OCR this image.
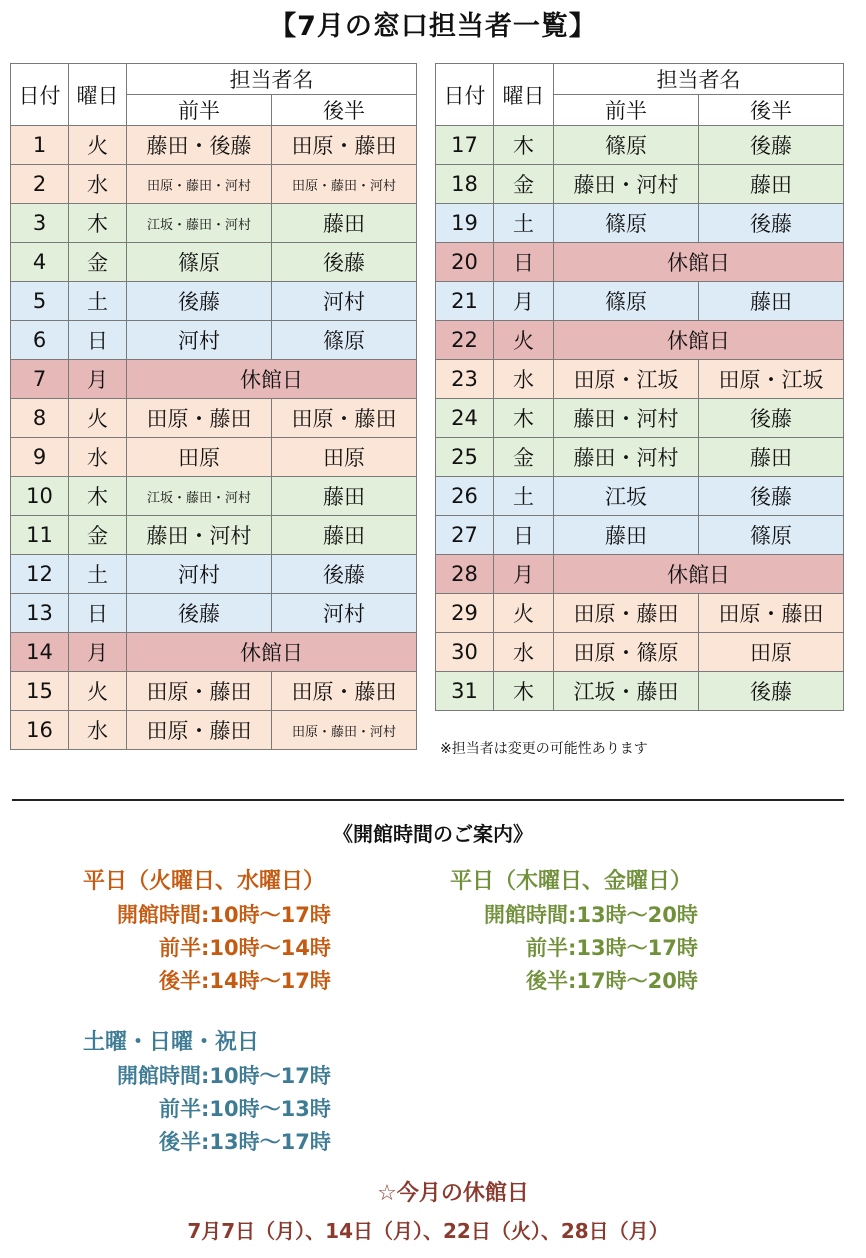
【7月の窓口担当者一覧】
日付	曜日	担当者名	
		前半	後半
1	火	藤田・後藤	田原・藤田
2	水	田原・藤田・河村	田原・藤田・河村
3	木	江坂・藤田・河村	藤田
4	金	篠原	後藤
5	土	後藤	河村
6	日	河村	篠原
7	月	休館日	
8	火	田原・藤田	田原・藤田
9	水	田原	田原
10	木	江坂・藤田・河村	藤田
11	金	藤田・河村	藤田
12	土	河村	後藤
13	日	後藤	河村
14	月	休館日	
15	火	田原・藤田	田原・藤田
16	水	田原・藤田	田原・藤田・河村
日付	曜日	担当者名	
		前半	後半
17	木	篠原	後藤
18	金	藤田・河村	藤田
19	土	篠原	後藤
20	日	休館日	
21	月	篠原	藤田
22	火	休館日	
23	水	田原・江坂	田原・江坂
24	木	藤田・河村	後藤
25	金	藤田・河村	藤田
26	土	江坂	後藤
27	日	藤田	篠原
28	月	休館日	
29	火	田原・藤田	田原・藤田
30	水	田原・篠原	田原
31	木	江坂・藤田	後藤
※担当者は変更の可能性あります
《開館時間のご案内》
平日（火曜日、水曜日）
開館時間:10時～17時
前半:10時～14時
後半:14時～17時
平日（木曜日、金曜日）
開館時間:13時～20時
前半:13時～17時
後半:17時～20時
土曜・日曜・祝日
開館時間:10時～17時
前半:10時～13時
後半:13時～17時
☆今月の休館日
7月7日（月）、14日（月）、22日（火）、28日（月）
